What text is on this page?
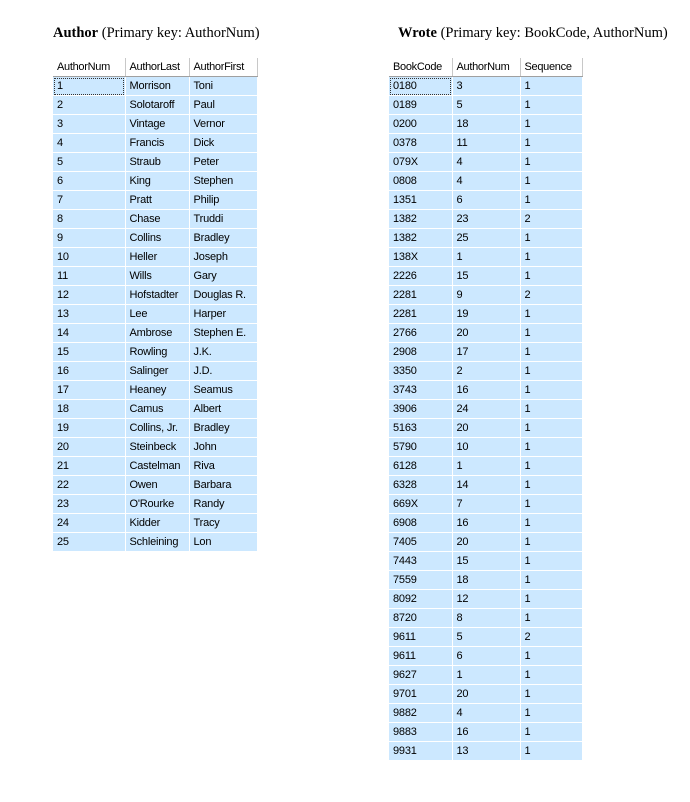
Author (Primary key: AuthorNum)	Wrote (Primary key: BookCode, AuthorNum)
AuthorNum	AuthorLast	AuthorFirst
1	Morrison	Toni
2	Solotaroff	Paul
3	Vintage	Vernor
4	Francis	Dick
5	Straub	Peter
6	King	Stephen
7	Pratt	Philip
8	Chase	Truddi
9	Collins	Bradley
10	Heller	Joseph
11	Wills	Gary
12	Hofstadter	Douglas R.
13	Lee	Harper
14	Ambrose	Stephen E.
15	Rowling	J.K.
16	Salinger	J.D.
17	Heaney	Seamus
18	Camus	Albert
19	Collins, Jr.	Bradley
20	Steinbeck	John
21	Castelman	Riva
22	Owen	Barbara
23	O'Rourke	Randy
24	Kidder	Tracy
25	Schleining	Lon
BookCode	AuthorNum	Sequence
0180	3	1
0189	5	1
0200	18	1
0378	11	1
079X	4	1
0808	4	1
1351	6	1
1382	23	2
1382	25	1
138X	1	1
2226	15	1
2281	9	2
2281	19	1
2766	20	1
2908	17	1
3350	2	1
3743	16	1
3906	24	1
5163	20	1
5790	10	1
6128	1	1
6328	14	1
669X	7	1
6908	16	1
7405	20	1
7443	15	1
7559	18	1
8092	12	1
8720	8	1
9611	5	2
9611	6	1
9627	1	1
9701	20	1
9882	4	1
9883	16	1
9931	13	1
